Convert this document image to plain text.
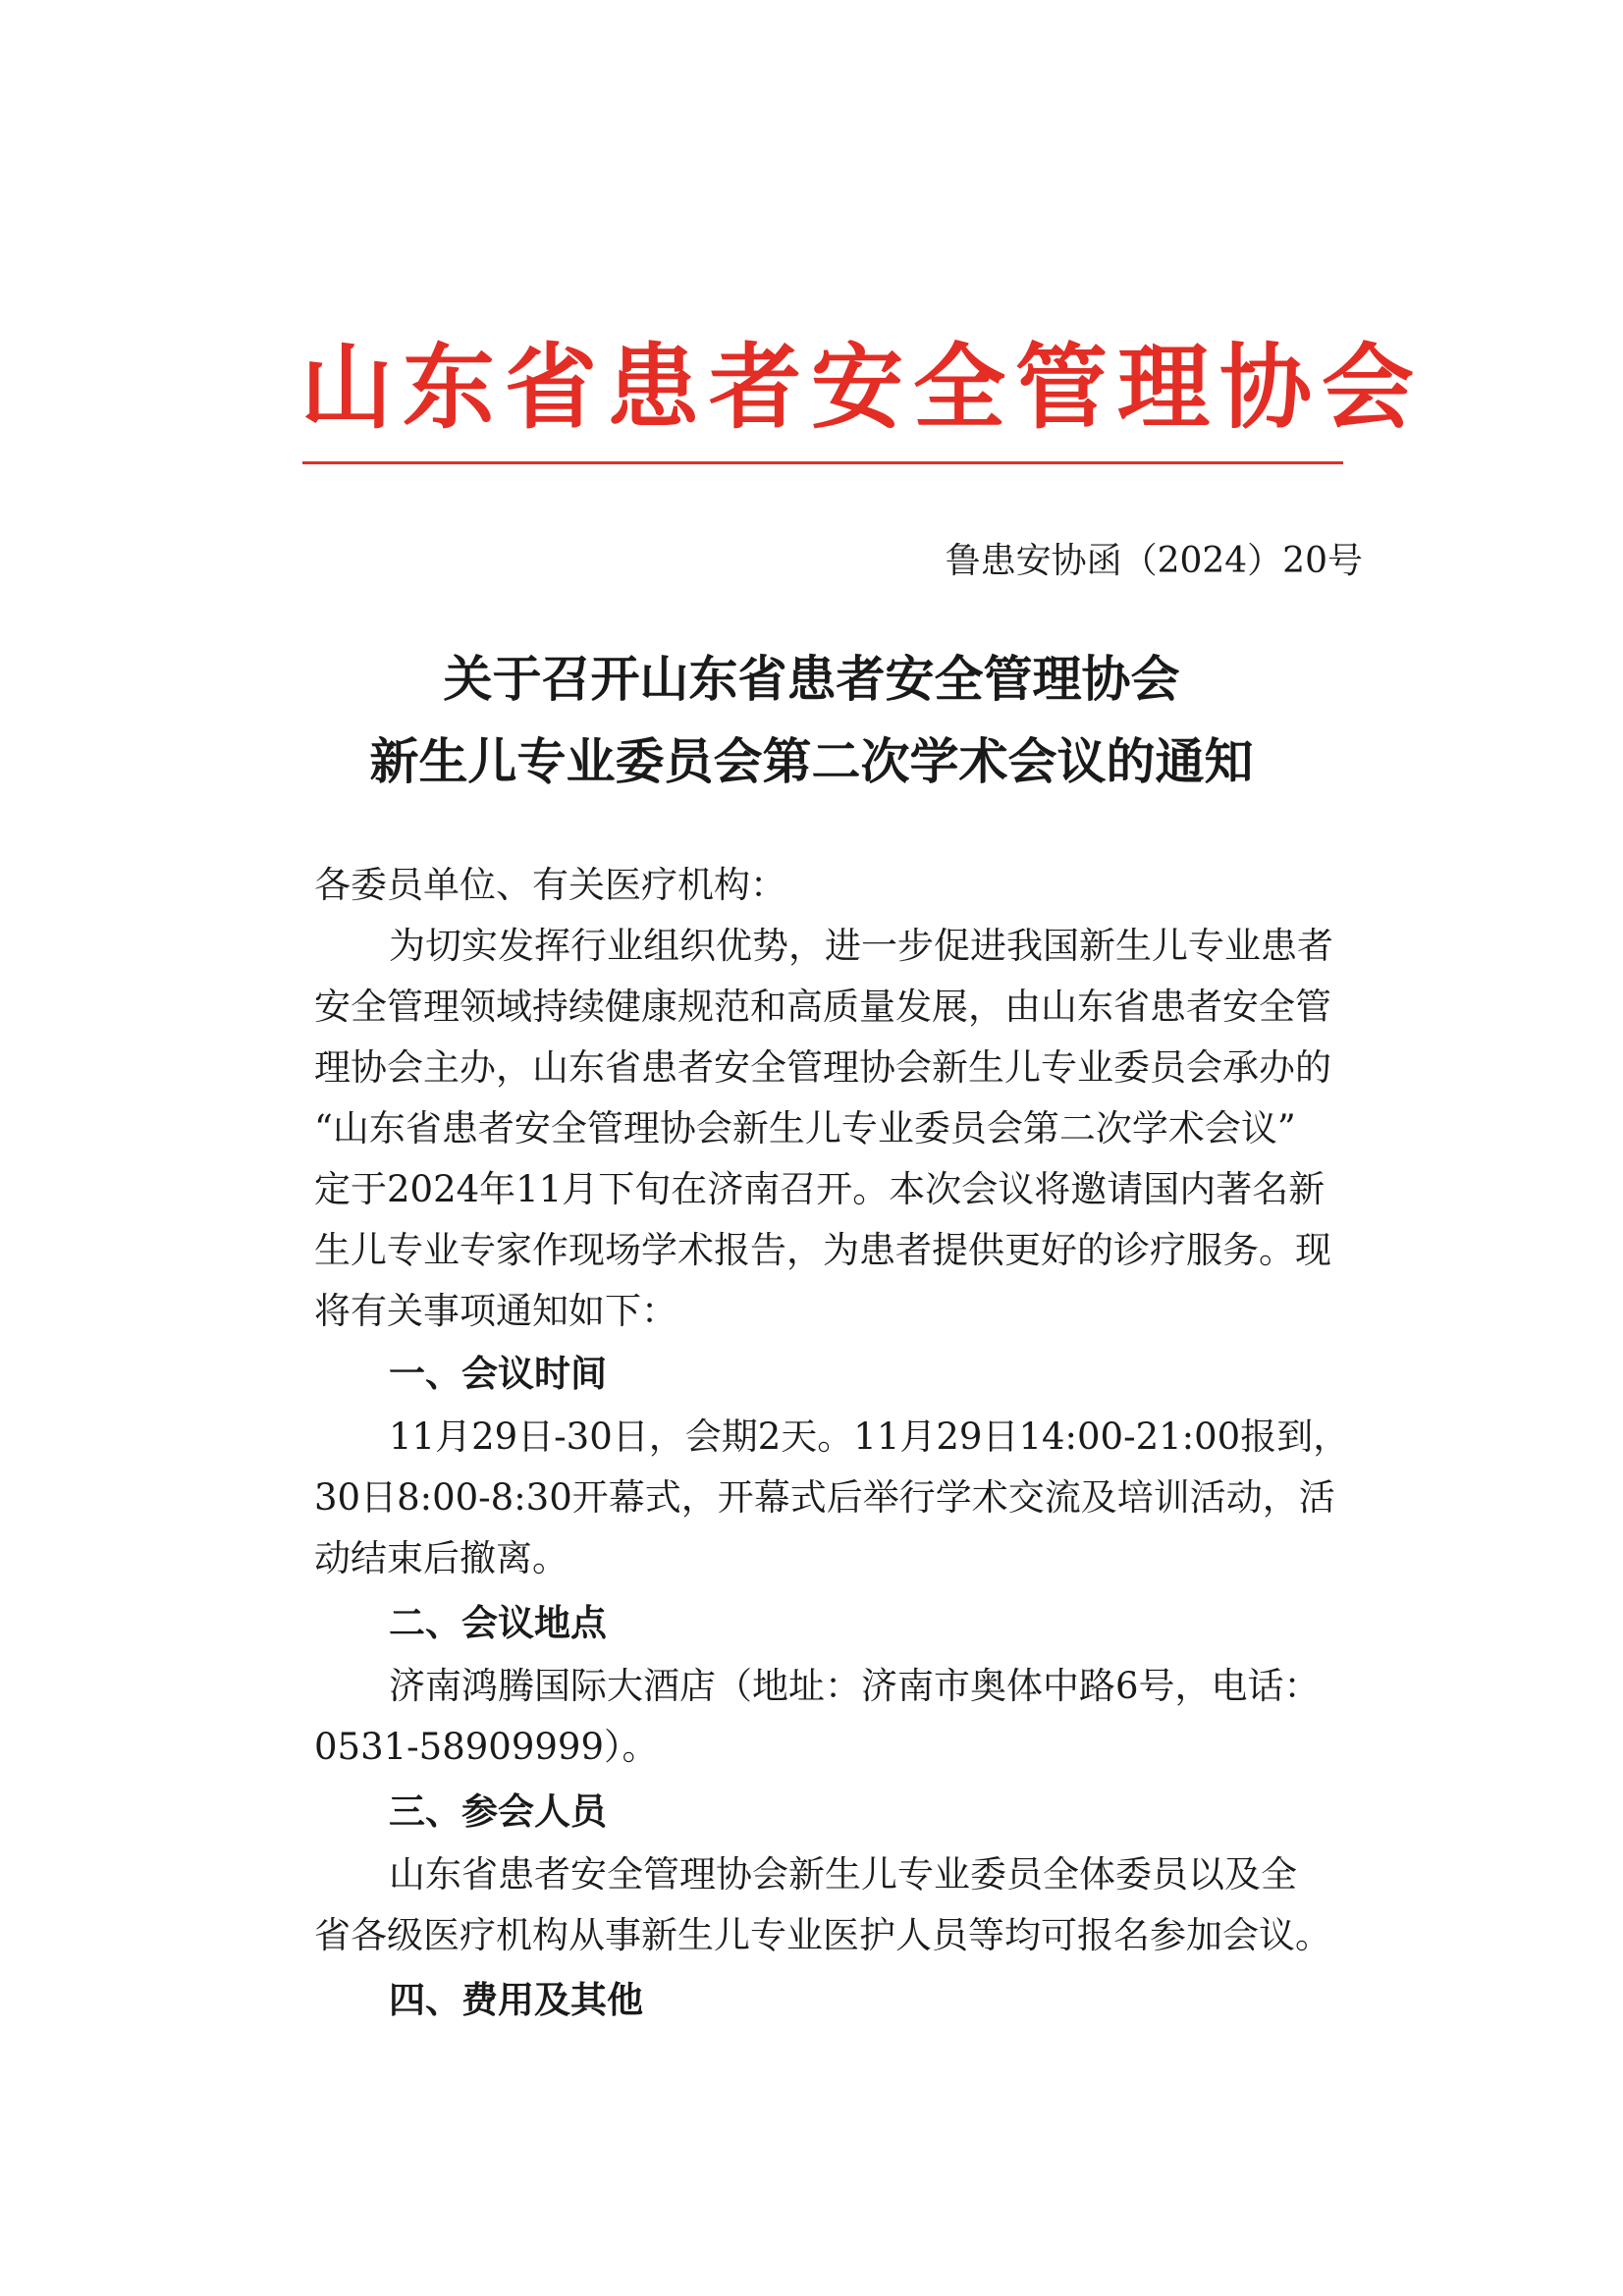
山东省患者安全管理协会
鲁患安协函（2024）20号
关于召开山东省患者安全管理协会
新生儿专业委员会第二次学术会议的通知
各委员单位、有关医疗机构：
为切实发挥行业组织优势，进一步促进我国新生儿专业患者
安全管理领域持续健康规范和高质量发展，由山东省患者安全管
理协会主办，山东省患者安全管理协会新生儿专业委员会承办的
“山东省患者安全管理协会新生儿专业委员会第二次学术会议”
定于2024年11月下旬在济南召开。本次会议将邀请国内著名新
生儿专业专家作现场学术报告，为患者提供更好的诊疗服务。现
将有关事项通知如下：
一、会议时间
11月29日-30日，会期2天。11月29日14:00-21:00报到，
30日8:00-8:30开幕式，开幕式后举行学术交流及培训活动，活
动结束后撤离。
二、会议地点
济南鸿腾国际大酒店（地址：济南市奥体中路6号，电话：
0531-58909999）。
三、参会人员
山东省患者安全管理协会新生儿专业委员全体委员以及全
省各级医疗机构从事新生儿专业医护人员等均可报名参加会议。
四、费用及其他
